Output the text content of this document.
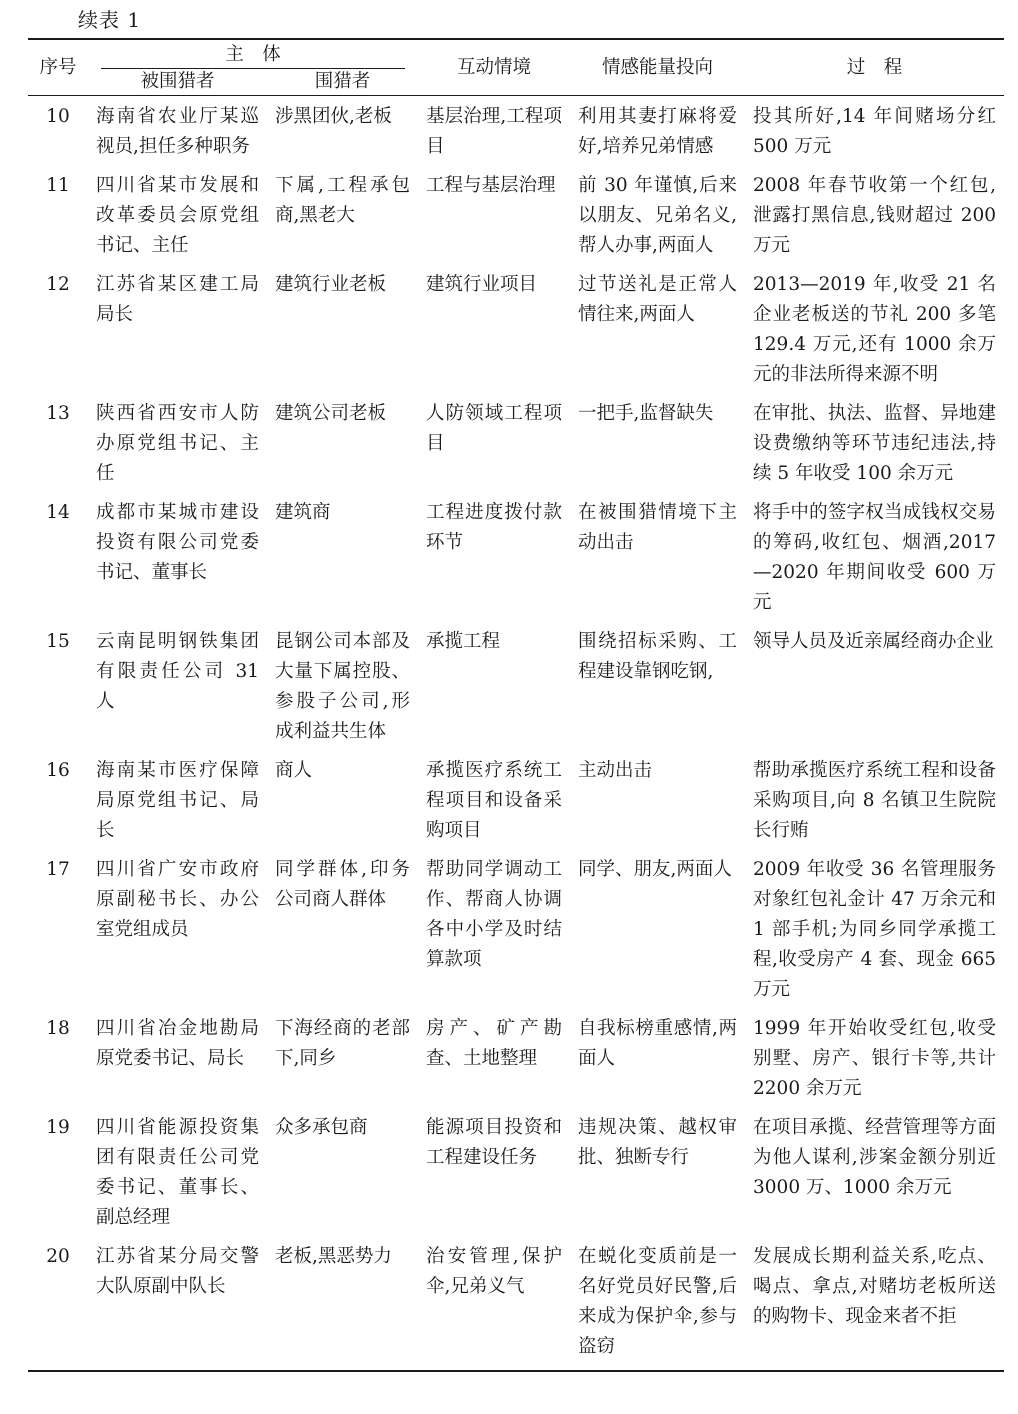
续表 1
序号	主　体		互动情境	情感能量投向	过　程
	被围猎者	围猎者			
10	海南省农业厅某巡视员,担任多种职务	涉黑团伙,老板	基层治理,工程项目	利用其妻打麻将爱好,培养兄弟情感	投其所好,14 年间赌场分红 500 万元
11	四川省某市发展和改革委员会原党组书记、主任	下属,工程承包商,黑老大	工程与基层治理	前 30 年谨慎,后来以朋友、兄弟名义,帮人办事,两面人	2008 年春节收第一个红包,泄露打黑信息,钱财超过 200 万元
12	江苏省某区建工局局长	建筑行业老板	建筑行业项目	过节送礼是正常人情往来,两面人	2013—2019 年,收受 21 名企业老板送的节礼 200 多笔 129.4 万元,还有 1000 余万元的非法所得来源不明
13	陕西省西安市人防办原党组书记、主任	建筑公司老板	人防领域工程项目	一把手,监督缺失	在审批、执法、监督、异地建设费缴纳等环节违纪违法,持续 5 年收受 100 余万元
14	成都市某城市建设投资有限公司党委书记、董事长	建筑商	工程进度拨付款环节	在被围猎情境下主动出击	将手中的签字权当成钱权交易的筹码,收红包、烟酒,2017—2020 年期间收受 600 万元
15	云南昆明钢铁集团有限责任公司 31 人	昆钢公司本部及大量下属控股、参股子公司,形成利益共生体	承揽工程	围绕招标采购、工程建设靠钢吃钢,	领导人员及近亲属经商办企业
16	海南某市医疗保障局原党组书记、局长	商人	承揽医疗系统工程项目和设备采购项目	主动出击	帮助承揽医疗系统工程和设备采购项目,向 8 名镇卫生院院长行贿
17	四川省广安市政府原副秘书长、办公室党组成员	同学群体,印务公司商人群体	帮助同学调动工作、帮商人协调各中小学及时结算款项	同学、朋友,两面人	2009 年收受 36 名管理服务对象红包礼金计 47 万余元和 1 部手机;为同乡同学承揽工程,收受房产 4 套、现金 665 万元
18	四川省冶金地勘局原党委书记、局长	下海经商的老部下,同乡	房产、矿产勘查、土地整理	自我标榜重感情,两面人	1999 年开始收受红包,收受别墅、房产、银行卡等,共计 2200 余万元
19	四川省能源投资集团有限责任公司党委书记、董事长、副总经理	众多承包商	能源项目投资和工程建设任务	违规决策、越权审批、独断专行	在项目承揽、经营管理等方面为他人谋利,涉案金额分别近 3000 万、1000 余万元
20	江苏省某分局交警大队原副中队长	老板,黑恶势力	治安管理,保护伞,兄弟义气	在蜕化变质前是一名好党员好民警,后来成为保护伞,参与盗窃	发展成长期利益关系,吃点、喝点、拿点,对赌坊老板所送的购物卡、现金来者不拒
